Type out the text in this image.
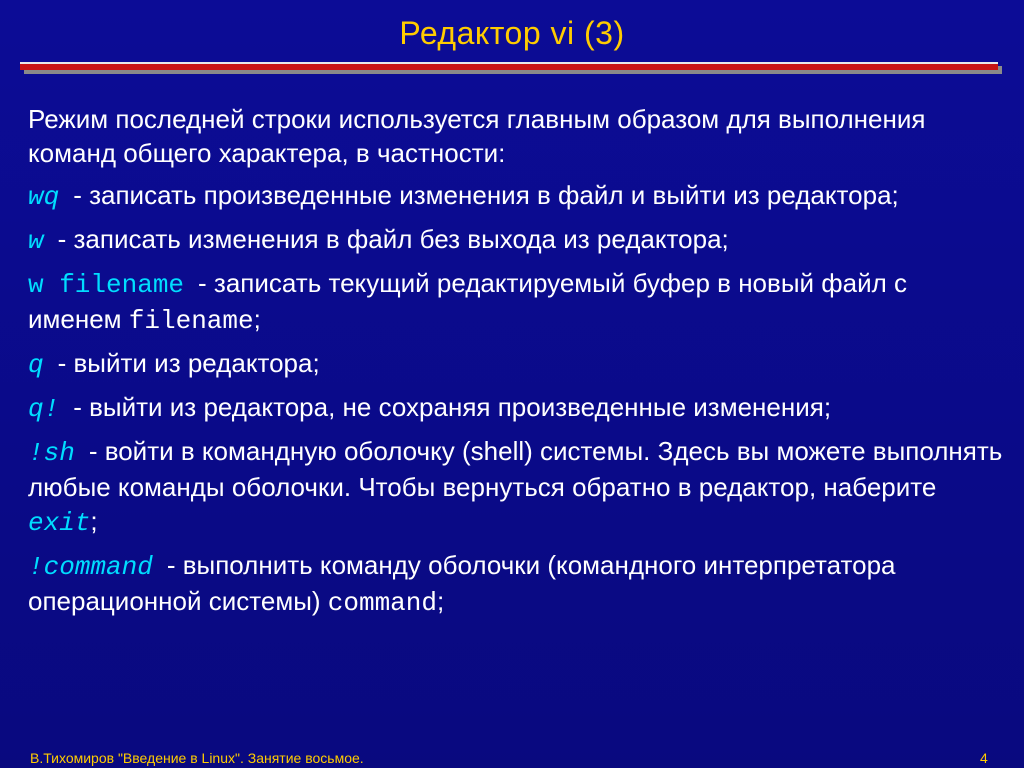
Редактор vi (3)
Режим последней строки используется главным образом для выполнения команд общего характера, в частности:
wq - записать произведенные изменения в файл и выйти из редактора;
w - записать изменения в файл без выхода из редактора;
w filename - записать текущий редактируемый буфер в новый файл с именем filename;
q - выйти из редактора;
q! - выйти из редактора, не сохраняя произведенные изменения;
!sh - войти в командную оболочку (shell) системы. Здесь вы можете выполнять любые команды оболочки. Чтобы вернуться обратно в редактор, наберите exit;
!command - выполнить команду оболочки (командного интерпретатора операционной системы) command;
В.Тихомиров "Введение в Linux". Занятие восьмое.	4
